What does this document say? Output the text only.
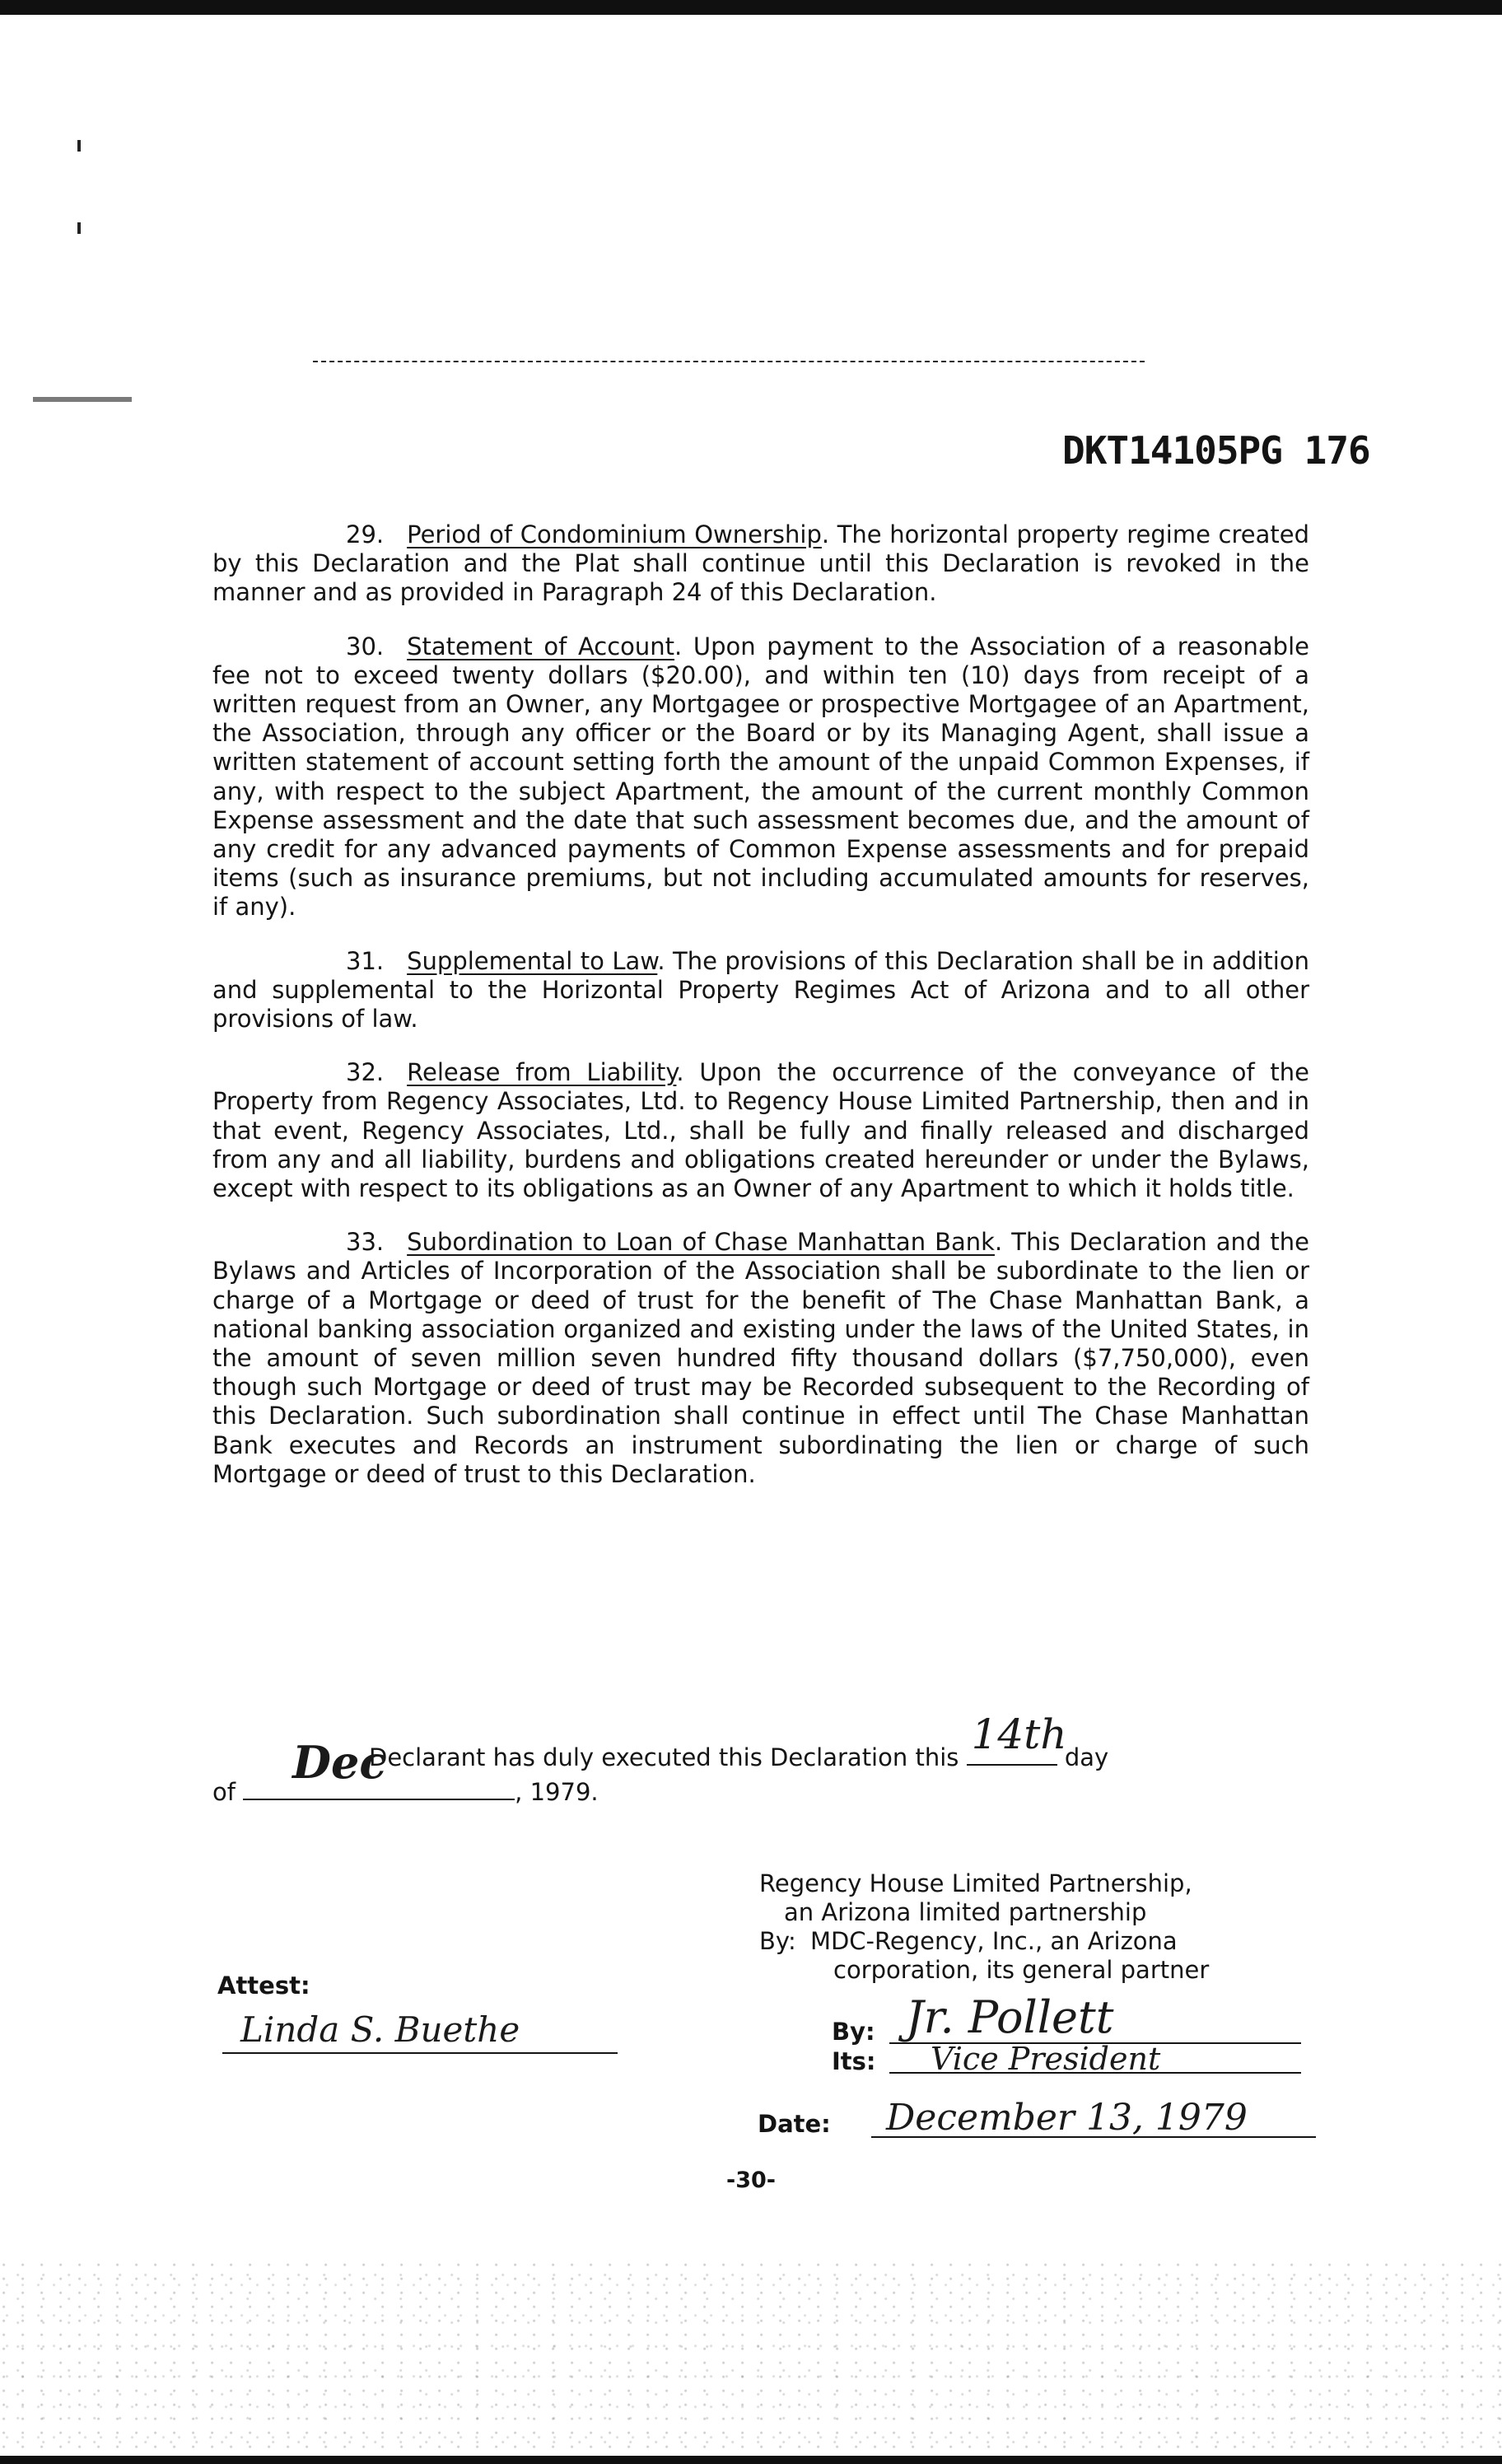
DKT14105PG 176

29. Period of Condominium Ownership. The horizontal property regime created by this Declaration and the Plat shall continue until this Declaration is revoked in the manner and as provided in Paragraph 24 of this Declaration.

30. Statement of Account. Upon payment to the Association of a reasonable fee not to exceed twenty dollars ($20.00), and within ten (10) days from receipt of a written request from an Owner, any Mortgagee or prospective Mortgagee of an Apartment, the Association, through any officer or the Board or by its Managing Agent, shall issue a written statement of account setting forth the amount of the unpaid Common Expenses, if any, with respect to the subject Apartment, the amount of the current monthly Common Expense assessment and the date that such assessment becomes due, and the amount of any credit for any advanced payments of Common Expense assessments and for prepaid items (such as insurance premiums, but not including accumulated amounts for reserves, if any).

31. Supplemental to Law. The provisions of this Declaration shall be in addition and supplemental to the Horizontal Property Regimes Act of Arizona and to all other provisions of law.

32. Release from Liability. Upon the occurrence of the conveyance of the Property from Regency Associates, Ltd. to Regency House Limited Partnership, then and in that event, Regency Associates, Ltd., shall be fully and finally released and discharged from any and all liability, burdens and obligations created hereunder or under the Bylaws, except with respect to its obligations as an Owner of any Apartment to which it holds title.

33. Subordination to Loan of Chase Manhattan Bank. This Declaration and the Bylaws and Articles of Incorporation of the Association shall be subordinate to the lien or charge of a Mortgage or deed of trust for the benefit of The Chase Manhattan Bank, a national banking association organized and existing under the laws of the United States, in the amount of seven million seven hundred fifty thousand dollars ($7,750,000), even though such Mortgage or deed of trust may be Recorded subsequent to the Recording of this Declaration. Such subordination shall continue in effect until The Chase Manhattan Bank executes and Records an instrument subordinating the lien or charge of such Mortgage or deed of trust to this Declaration.

Declarant has duly executed this Declaration this 14th
day
of
Dec
, 1979.
Regency House Limited Partnership,
an Arizona limited partnership
By: MDC-Regency, Inc., an Arizona
corporation, its general partner
Attest:
Linda S. Buethe	By: Jr. Pollett
Its: Vice President
Date: December 13, 1979
-30-
